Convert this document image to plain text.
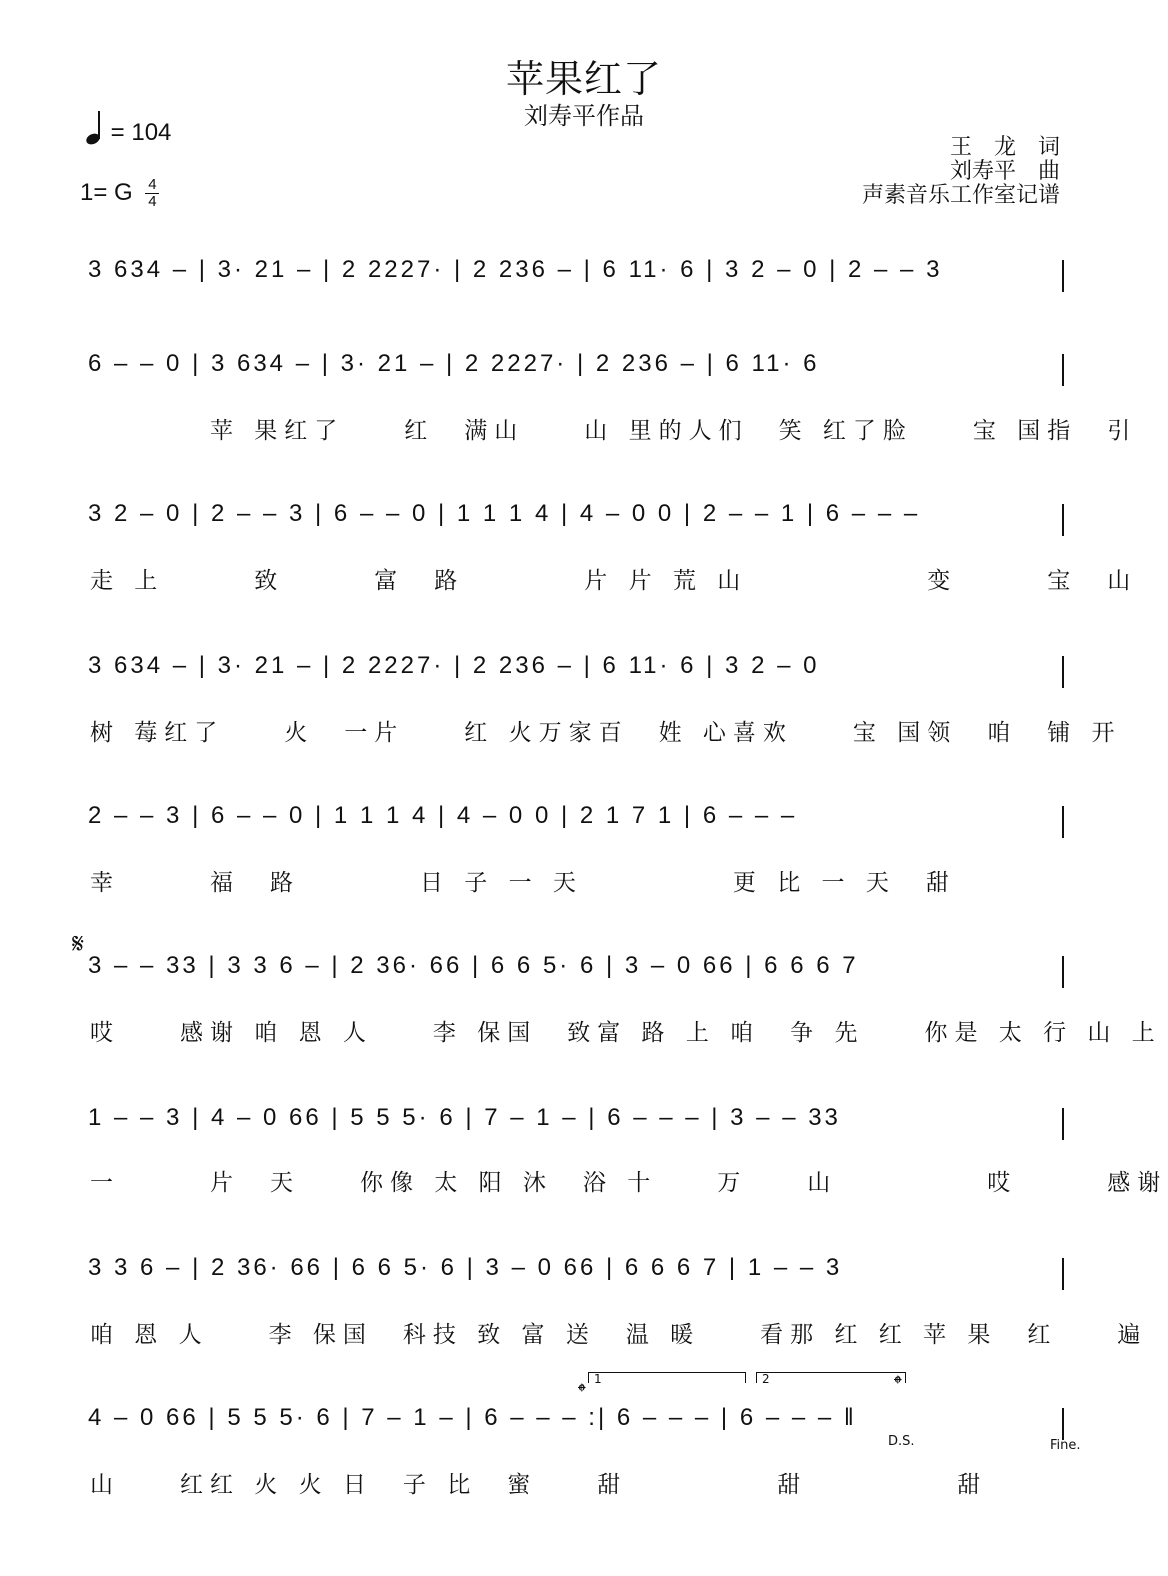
苹果红了
刘寿平作品
= 104
1= G $\frac{4}{4}$
王　龙　词
刘寿平　曲
声素音乐工作室记谱
𝄋
3 634 – | 3· 21 – | 2 2227· | 2 236 – | 6 11· 6 | 3 2 – 0 | 2 – – 3
6 – – 0 | 3 634 – | 3· 21 – | 2 2227· | 2 236 – | 6 11· 6
　　　　苹 果红了　　红　满山　　山 里的人们　笑 红了脸　　宝 国指　引
3 2 – 0 | 2 – – 3 | 6 – – 0 | 1 1 1 4 | 4 – 0 0 | 2 – – 1 | 6 – – –
走 上　　　致　　　富　路　　　　片 片 荒 山　　　　　　变　　　宝　山
3 634 – | 3· 21 – | 2 2227· | 2 236 – | 6 11· 6 | 3 2 – 0
树 莓红了　　火　一片　　红 火万家百　姓 心喜欢　　宝 国领　咱　铺 开
2 – – 3 | 6 – – 0 | 1 1 1 4 | 4 – 0 0 | 2 1 7 1 | 6 – – –
幸　　　福　路　　　　日 子 一 天　　　　　更 比 一 天　甜
3 – – 33 | 3 3 6 – | 2 36· 66 | 6 6 5· 6 | 3 – 0 66 | 6 6 6 7
哎　　感谢 咱 恩 人　　李 保国　致富 路 上 咱　争 先　　你是 太 行 山 上
1 – – 3 | 4 – 0 66 | 5 5 5· 6 | 7 – 1 – | 6 – – – | 3 – – 33
一　　　片　天　　你像 太 阳 沐　浴 十　　万　　山　　　　　哎　　　感谢
3 3 6 – | 2 36· 66 | 6 6 5· 6 | 3 – 0 66 | 6 6 6 7 | 1 – – 3
咱 恩 人　　李 保国　科技 致 富 送　温 暖　　看那 红 红 苹 果　红　　遍
4 – 0 66 | 5 5 5· 6 | 7 – 1 – | 6 – – – :| 6 – – – | 6 – – – ‖
山　　红红 火 火 日　子 比　蜜　　甜　　　　　甜　　　　　甜
1	2
𝄌	𝄌
D.S.	Fine.
